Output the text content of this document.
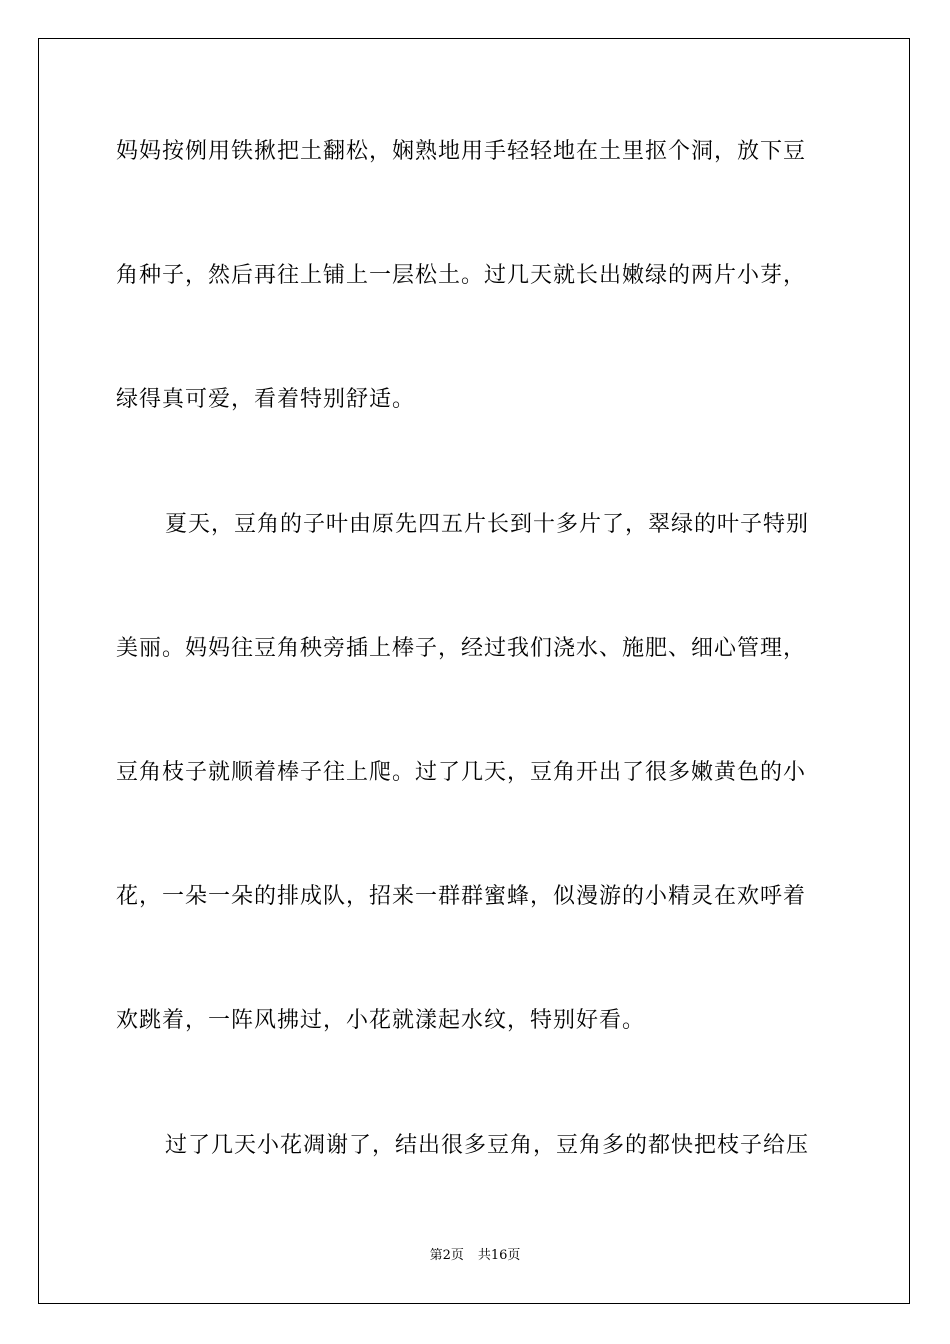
妈妈按例用铁揪把土翻松，娴熟地用手轻轻地在土里抠个洞，放下豆

角种子，然后再往上铺上一层松土。过几天就长出嫩绿的两片小芽，

绿得真可爱，看着特别舒适。

夏天，豆角的子叶由原先四五片长到十多片了，翠绿的叶子特别

美丽。妈妈往豆角秧旁插上棒子，经过我们浇水、施肥、细心管理，

豆角枝子就顺着棒子往上爬。过了几天，豆角开出了很多嫩黄色的小

花，一朵一朵的排成队，招来一群群蜜蜂，似漫游的小精灵在欢呼着

欢跳着，一阵风拂过，小花就漾起水纹，特别好看。

过了几天小花凋谢了，结出很多豆角，豆角多的都快把枝子给压

第2页 共16页
